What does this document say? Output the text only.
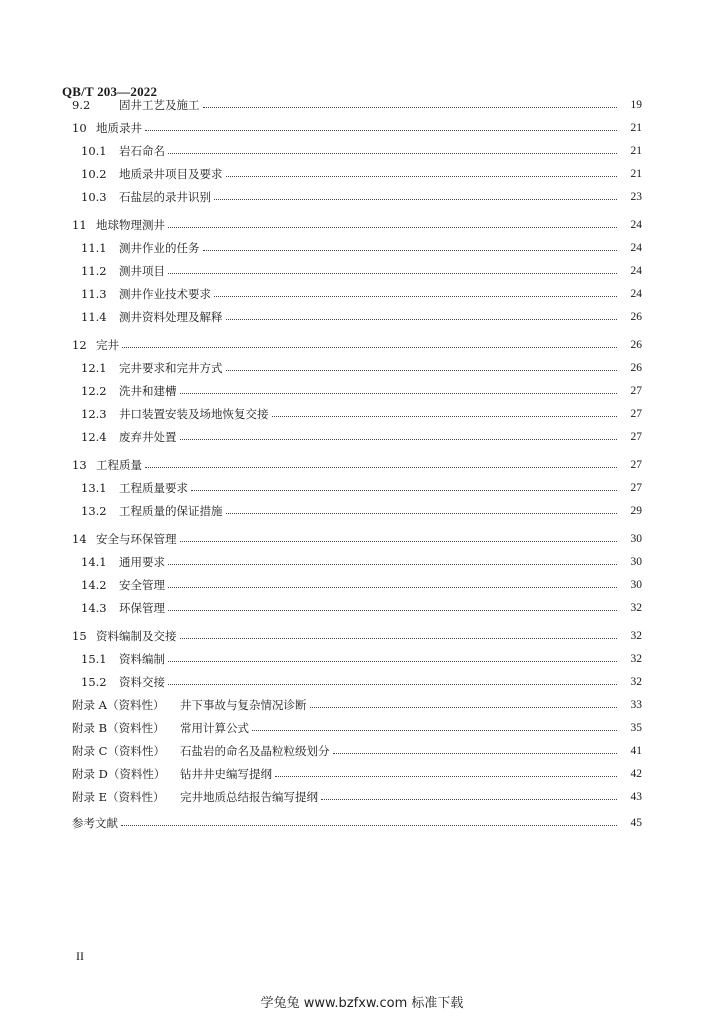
QB/T 203—2022
9.2	固井工艺及施工	19
10 地质录井	21
10.1	岩石命名	21
10.2	地质录井项目及要求	21
10.3	石盐层的录井识别	23
11 地球物理测井	24
11.1	测井作业的任务	24
11.2	测井项目	24
11.3	测井作业技术要求	24
11.4	测井资料处理及解释	26
12 完井	26
12.1	完井要求和完井方式	26
12.2	洗井和建槽	27
12.3	井口装置安装及场地恢复交接	27
12.4	废弃井处置	27
13 工程质量	27
13.1	工程质量要求	27
13.2	工程质量的保证措施	29
14 安全与环保管理	30
14.1	通用要求	30
14.2	安全管理	30
14.3	环保管理	32
15 资料编制及交接	32
15.1	资料编制	32
15.2	资料交接	32
附录 A（资料性）	井下事故与复杂情况诊断	33
附录 B（资料性）	常用计算公式	35
附录 C（资料性）	石盐岩的命名及晶粒粒级划分	41
附录 D（资料性）	钻井井史编写提纲	42
附录 E（资料性）	完井地质总结报告编写提纲	43
参考文献	45
II
学兔兔 www.bzfxw.com 标准下载
